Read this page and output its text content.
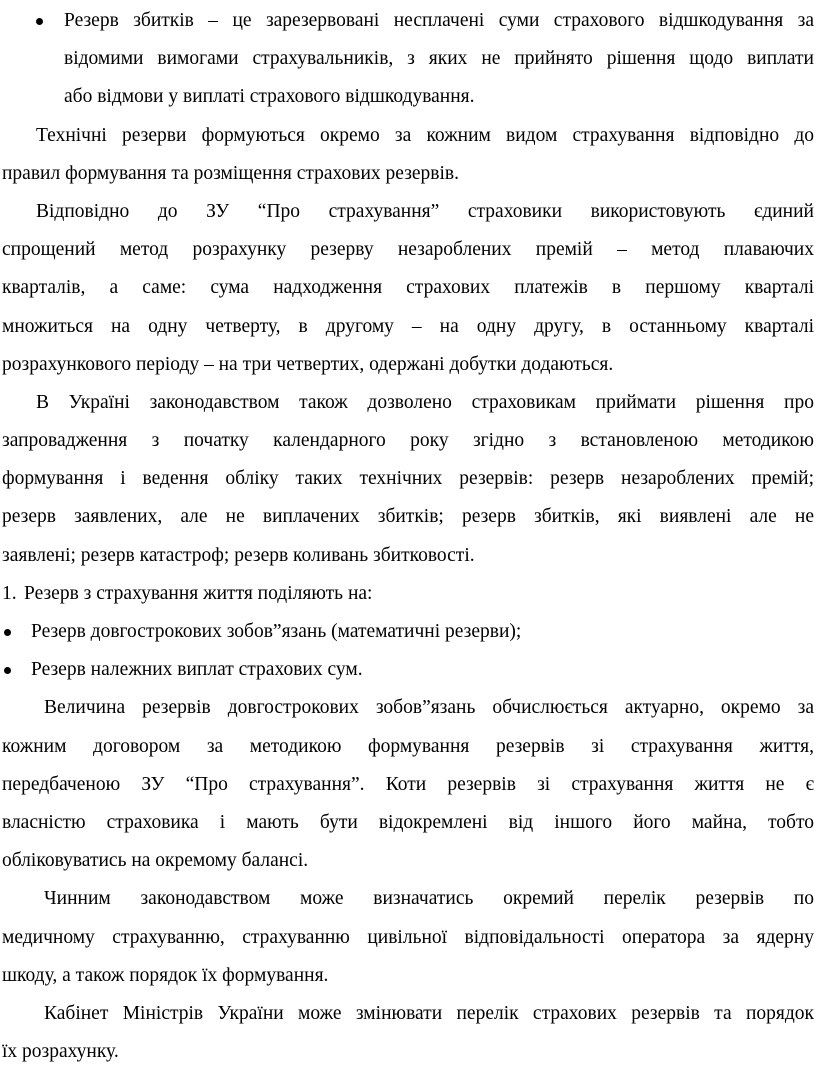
Резерв збитків – це зарезервовані несплачені суми страхового відшкодування за
відомими вимогами страхувальників, з яких не прийнято рішення щодо виплати
або відмови у виплаті страхового відшкодування.
Технічні резерви формуються окремо за кожним видом страхування відповідно до
правил формування та розміщення страхових резервів.
Відповідно до ЗУ “Про страхування” страховики використовують єдиний
спрощений метод розрахунку резерву незароблених премій – метод плаваючих
кварталів, а саме: сума надходження страхових платежів в першому кварталі
множиться на одну четверту, в другому – на одну другу, в останньому кварталі
розрахункового періоду – на три четвертих, одержані добутки додаються.
В Україні законодавством також дозволено страховикам приймати рішення про
запровадження з початку календарного року згідно з встановленою методикою
формування і ведення обліку таких технічних резервів: резерв незароблених премій;
резерв заявлених, але не виплачених збитків; резерв збитків, які виявлені але не
заявлені; резерв катастроф; резерв коливань збитковості.
1. Резерв з страхування життя поділяють на:
Резерв довгострокових зобов”язань (математичні резерви);
Резерв належних виплат страхових сум.
Величина резервів довгострокових зобов”язань обчислюється актуарно, окремо за
кожним договором за методикою формування резервів зі страхування життя,
передбаченою ЗУ “Про страхування”. Коти резервів зі страхування життя не є
власністю страховика і мають бути відокремлені від іншого його майна, тобто
обліковуватись на окремому балансі.
Чинним законодавством може визначатись окремий перелік резервів по
медичному страхуванню, страхуванню цивільної відповідальності оператора за ядерну
шкоду, а також порядок їх формування.
Кабінет Міністрів України може змінювати перелік страхових резервів та порядок
їх розрахунку.
